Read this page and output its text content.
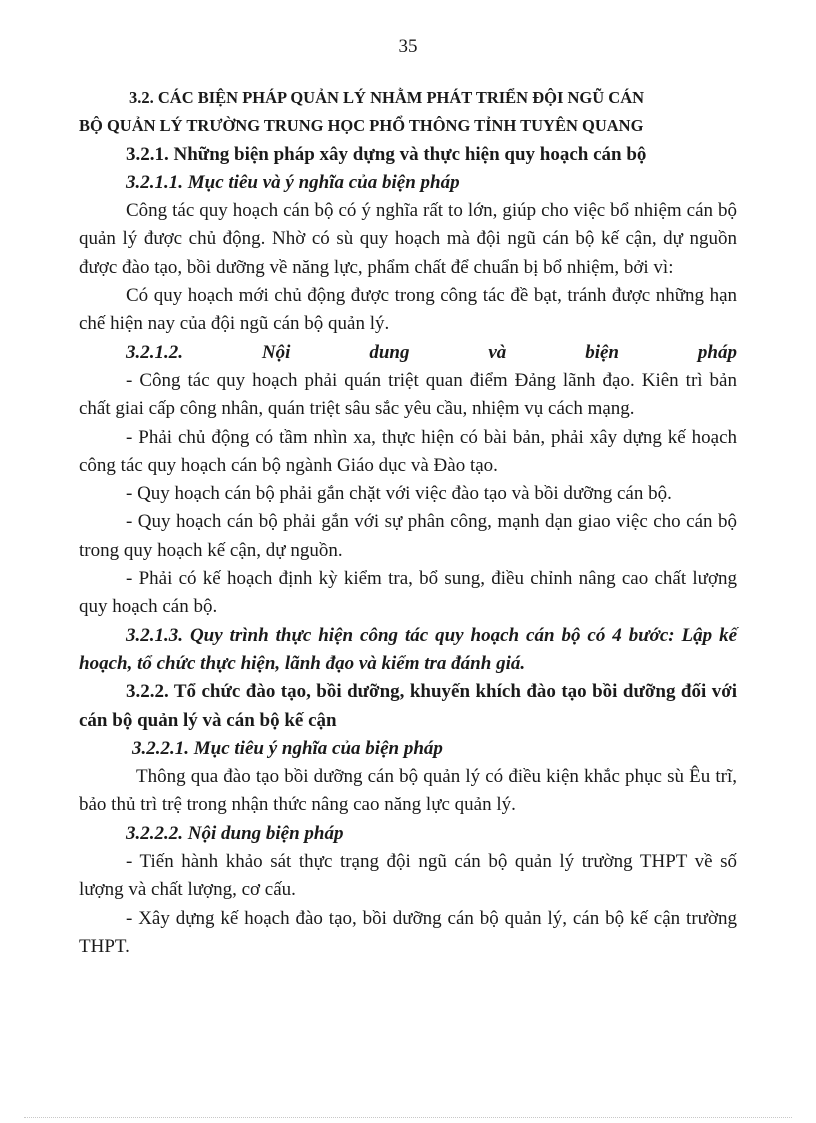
35

3.2. CÁC BIỆN PHÁP QUẢN LÝ NHẰM PHÁT TRIỂN ĐỘI NGŨ CÁN
BỘ QUẢN LÝ TRƯỜNG TRUNG HỌC PHỔ THÔNG TỈNH TUYÊN QUANG

3.2.1. Những biện pháp xây dựng và thực hiện quy hoạch cán bộ

3.2.1.1. Mục tiêu và ý nghĩa của biện pháp

Công tác quy hoạch cán bộ có ý nghĩa rất to lớn, giúp cho việc bổ nhiệm cán bộ quản lý được chủ động. Nhờ có sù quy hoạch mà đội ngũ cán bộ kế cận, dự nguồn được đào tạo, bồi dưỡng về năng lực, phẩm chất để chuẩn bị bổ nhiệm, bởi vì:

Có quy hoạch mới chủ động được trong công tác đề bạt, tránh được những hạn chế hiện nay của đội ngũ cán bộ quản lý.

3.2.1.2.	Nội	dung	và	biện	pháp

- Công tác quy hoạch phải quán triệt quan điểm Đảng lãnh đạo. Kiên trì bản chất giai cấp công nhân, quán triệt sâu sắc yêu cầu, nhiệm vụ cách mạng.

- Phải chủ động có tầm nhìn xa, thực hiện có bài bản, phải xây dựng kế hoạch công tác quy hoạch cán bộ ngành Giáo dục và Đào tạo.

- Quy hoạch cán bộ phải gắn chặt với việc đào tạo và bồi dưỡng cán bộ.

- Quy hoạch cán bộ phải gắn với sự phân công, mạnh dạn giao việc cho cán bộ trong quy hoạch kế cận, dự nguồn.

- Phải có kế hoạch định kỳ kiểm tra, bổ sung, điều chỉnh nâng cao chất lượng quy hoạch cán bộ.

3.2.1.3. Quy trình thực hiện công tác quy hoạch cán bộ có 4 bước: Lập kế hoạch, tổ chức thực hiện, lãnh đạo và kiểm tra đánh giá.

3.2.2. Tổ chức đào tạo, bồi dưỡng, khuyến khích đào tạo bồi dưỡng đối với cán bộ quản lý và cán bộ kế cận

3.2.2.1. Mục tiêu ý nghĩa của biện pháp

Thông qua đào tạo bồi dưỡng cán bộ quản lý có điều kiện khắc phục sù Êu trĩ, bảo thủ trì trệ trong nhận thức nâng cao năng lực quản lý.

3.2.2.2. Nội dung biện pháp

- Tiến hành khảo sát thực trạng đội ngũ cán bộ quản lý trường THPT về số lượng và chất lượng, cơ cấu.

- Xây dựng kế hoạch đào tạo, bồi dưỡng cán bộ quản lý, cán bộ kế cận trường THPT.
